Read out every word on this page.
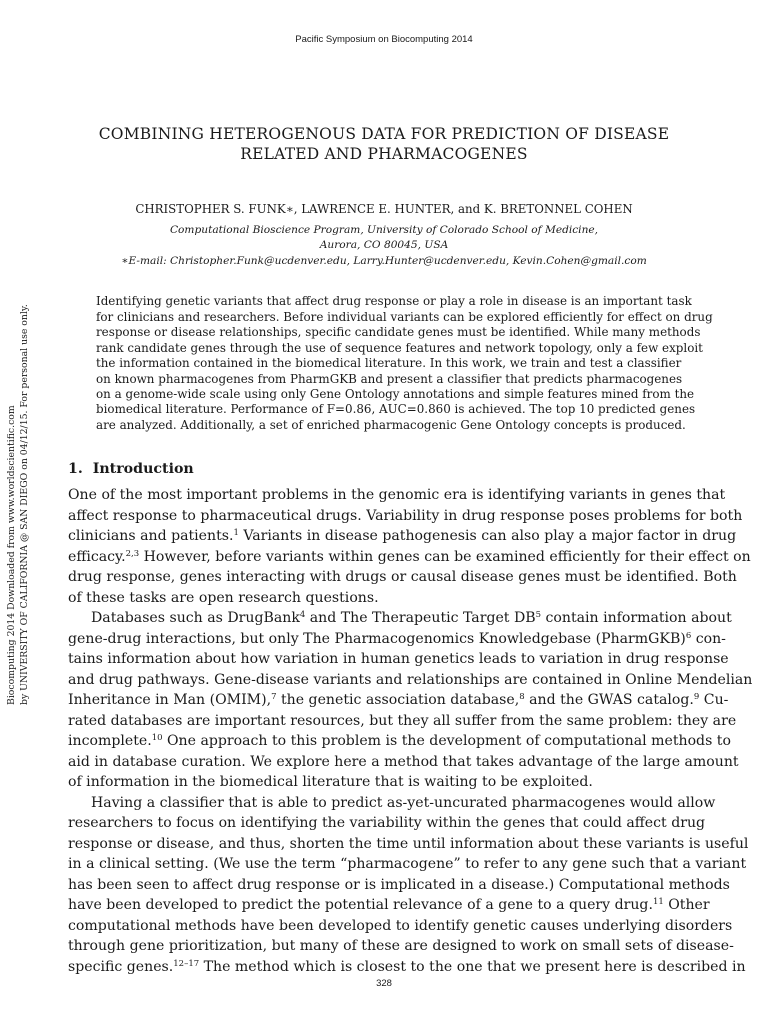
Pacific Symposium on Biocomputing 2014
COMBINING HETEROGENOUS DATA FOR PREDICTION OF DISEASE
RELATED AND PHARMACOGENES
CHRISTOPHER S. FUNK∗, LAWRENCE E. HUNTER, and K. BRETONNEL COHEN
Computational Bioscience Program, University of Colorado School of Medicine,
Aurora, CO 80045, USA
∗E-mail: Christopher.Funk@ucdenver.edu, Larry.Hunter@ucdenver.edu, Kevin.Cohen@gmail.com
Identifying genetic variants that affect drug response or play a role in disease is an important task
for clinicians and researchers. Before individual variants can be explored efficiently for effect on drug
response or disease relationships, specific candidate genes must be identified. While many methods
rank candidate genes through the use of sequence features and network topology, only a few exploit
the information contained in the biomedical literature. In this work, we train and test a classifier
on known pharmacogenes from PharmGKB and present a classifier that predicts pharmacogenes
on a genome-wide scale using only Gene Ontology annotations and simple features mined from the
biomedical literature. Performance of F=0.86, AUC=0.860 is achieved. The top 10 predicted genes
are analyzed. Additionally, a set of enriched pharmacogenic Gene Ontology concepts is produced.
1. Introduction
One of the most important problems in the genomic era is identifying variants in genes that
affect response to pharmaceutical drugs. Variability in drug response poses problems for both
clinicians and patients.$^1$ Variants in disease pathogenesis can also play a major factor in drug
efficacy.$^{2,3}$ However, before variants within genes can be examined efficiently for their effect on
drug response, genes interacting with drugs or causal disease genes must be identified. Both
of these tasks are open research questions.
Databases such as DrugBank$^4$ and The Therapeutic Target $DB^5$ contain information about
gene-drug interactions, but only The Pharmacogenomics Knowledgebase (PharmGKB)$^6$ con-
tains information about how variation in human genetics leads to variation in drug response
and drug pathways. Gene-disease variants and relationships are contained in Online Mendelian
Inheritance in Man (OMIM),$^7$ the genetic association database,$^8$ and the GWAS catalog.$^9$ Cu-
rated databases are important resources, but they all suffer from the same problem: they are
incomplete.$^{10}$ One approach to this problem is the development of computational methods to
aid in database curation. We explore here a method that takes advantage of the large amount
of information in the biomedical literature that is waiting to be exploited.
Having a classifier that is able to predict as-yet-uncurated pharmacogenes would allow
researchers to focus on identifying the variability within the genes that could affect drug
response or disease, and thus, shorten the time until information about these variants is useful
in a clinical setting. (We use the term “pharmacogene” to refer to any gene such that a variant
has been seen to affect drug response or is implicated in a disease.) Computational methods
have been developed to predict the potential relevance of a gene to a query drug.$^{11}$ Other
computational methods have been developed to identify genetic causes underlying disorders
through gene prioritization, but many of these are designed to work on small sets of disease-
specific genes.$^{12-17}$ The method which is closest to the one that we present here is described in
Biocomputing 2014 Downloaded from www.worldscientific.com by UNIVERSITY OF CALIFORNIA @ SAN DIEGO on 04/12/15. For personal use only.
328
